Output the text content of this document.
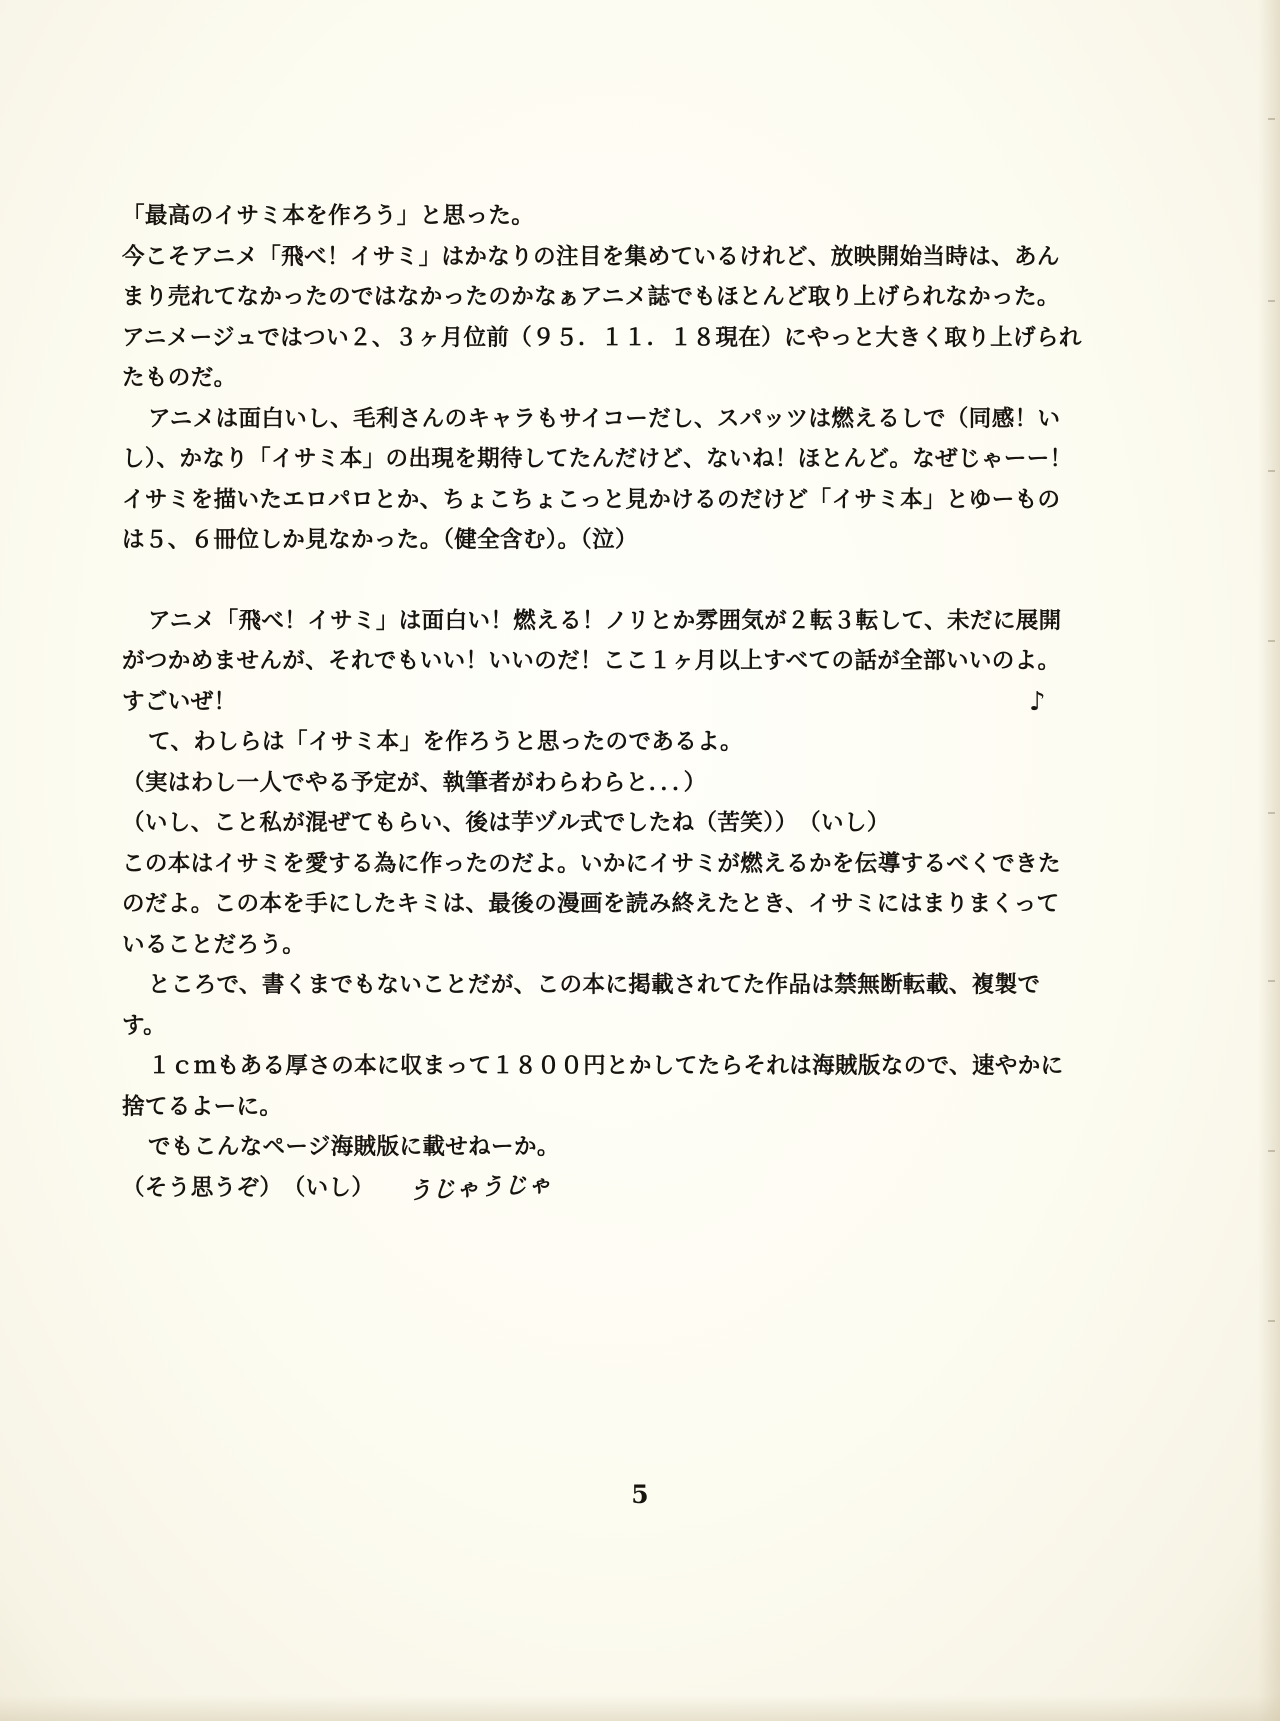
「最高のイサミ本を作ろう」と思った。

今こそアニメ「飛べ！イサミ」はかなりの注目を集めているけれど、放映開始当時は、あんまり売れてなかったのではなかったのかなぁアニメ誌でもほとんど取り上げられなかった。アニメージュではつい２、３ヶ月位前（９５．１１．１８現在）にやっと大きく取り上げられたものだ。

アニメは面白いし、毛利さんのキャラもサイコーだし、スパッツは燃えるしで（同感！いし）、かなり「イサミ本」の出現を期待してたんだけど、ないね！ほとんど。なぜじゃーー！　イサミを描いたエロパロとか、ちょこちょこっと見かけるのだけど「イサミ本」とゆーものは５、６冊位しか見なかった。（健全含む）。（泣）

アニメ「飛べ！イサミ」は面白い！燃える！ノリとか雰囲気が２転３転して、未だに展開がつかめませんが、それでもいい！いいのだ！ここ１ヶ月以上すべての話が全部いいのよ。すごいぜ！	♪

て、わしらは「イサミ本」を作ろうと思ったのであるよ。

（実はわし一人でやる予定が、執筆者がわらわらと．．．）

（いし、こと私が混ぜてもらい、後は芋ヅル式でしたね（苦笑））　（いし）

この本はイサミを愛する為に作ったのだよ。いかにイサミが燃えるかを伝導するべくできたのだよ。この本を手にしたキミは、最後の漫画を読み終えたとき、イサミにはまりまくっていることだろう。

ところで、書くまでもないことだが、この本に掲載されてた作品は禁無断転載、複製です。

１ｃｍもある厚さの本に収まって１８００円とかしてたらそれは海賊版なので、速やかに捨てるよーに。

でもこんなページ海賊版に載せねーか。

（そう思うぞ）　（いし） うじゃうじゃ

5
